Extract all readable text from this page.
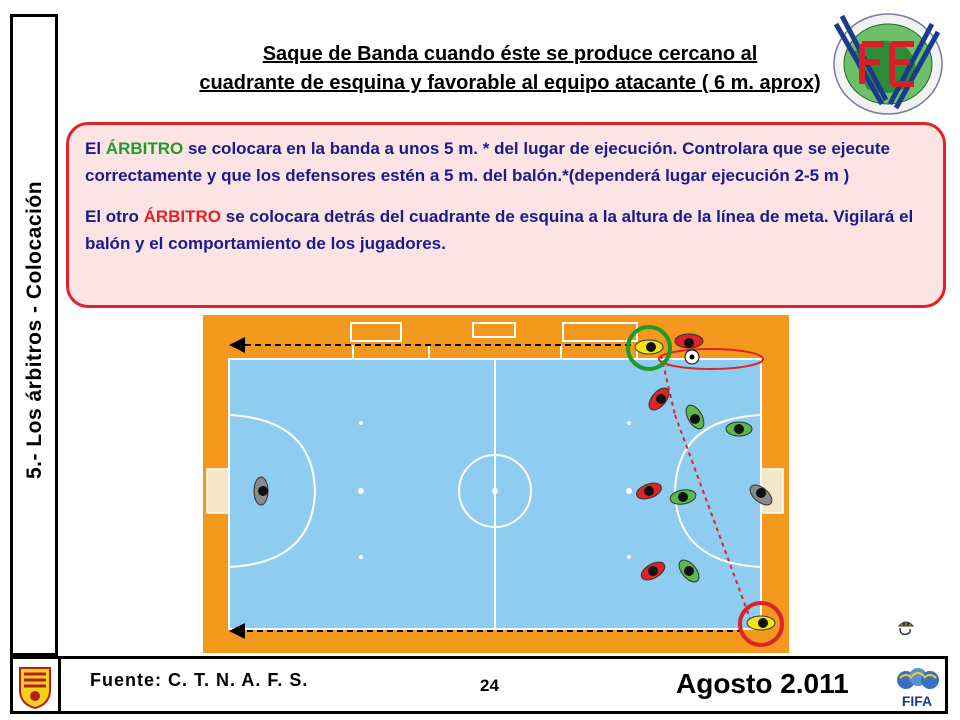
5.- Los árbitros - Colocación
Saque de Banda cuando éste se produce cercano al
cuadrante de esquina y favorable al equipo atacante ( 6 m. aprox)

El ÁRBITRO se colocara en la banda a unos 5 m. * del lugar de ejecución. Controlara que se ejecute correctamente y que los defensores estén a 5 m. del balón.*(dependerá lugar ejecución 2-5 m )

El otro ÁRBITRO se colocara detrás del cuadrante de esquina a la altura de la línea de meta. Vigilará el balón y el comportamiento de los jugadores.

Fuente: C. T. N. A. F. S.	24	Agosto 2.011
FIFA
